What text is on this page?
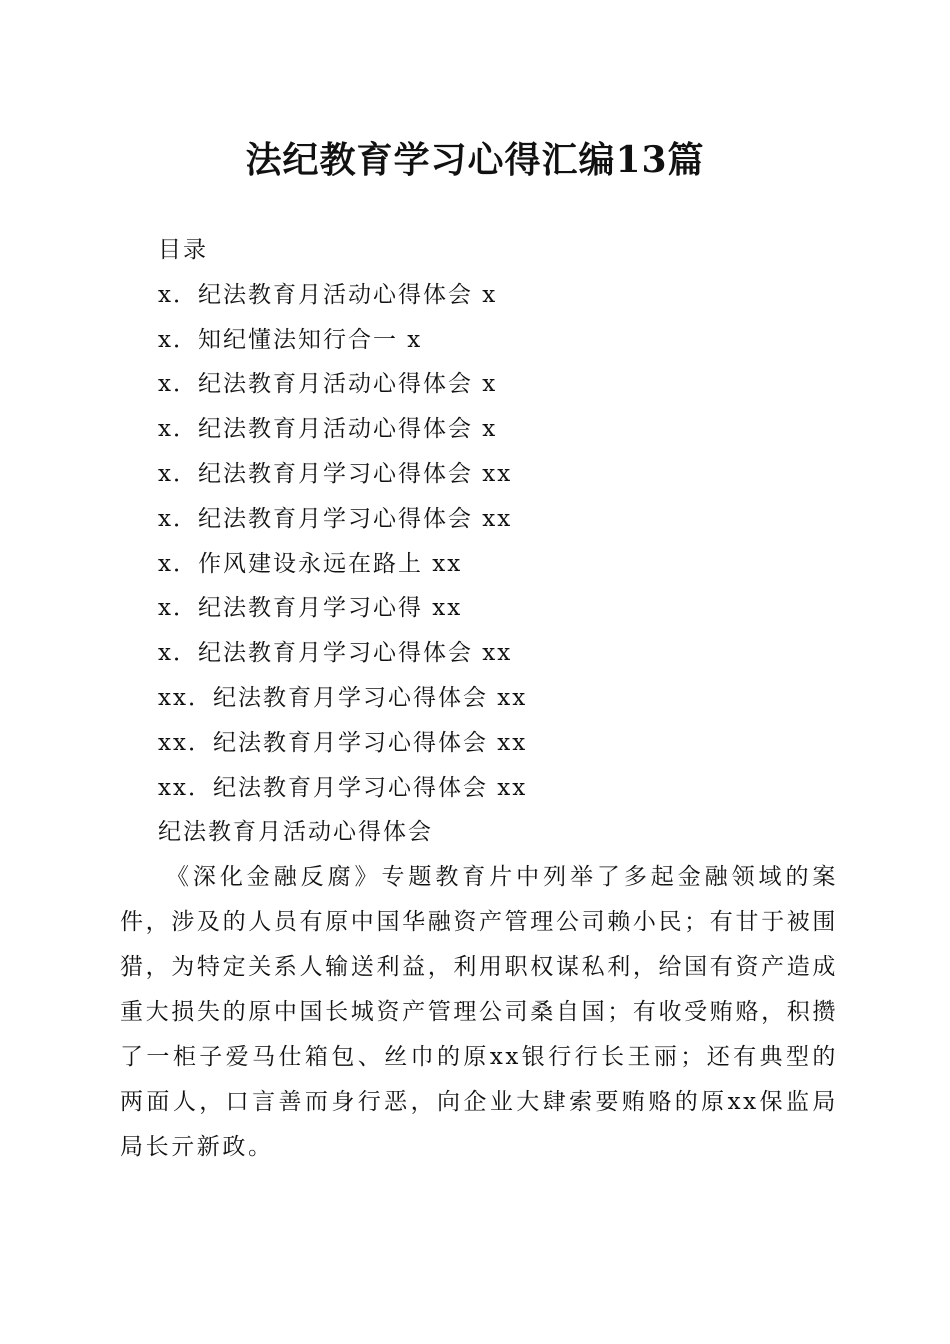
法纪教育学习心得汇编13篇
目录
x．纪法教育月活动心得体会 x
x．知纪懂法知行合一 x
x．纪法教育月活动心得体会 x
x．纪法教育月活动心得体会 x
x．纪法教育月学习心得体会 xx
x．纪法教育月学习心得体会 xx
x．作风建设永远在路上 xx
x．纪法教育月学习心得 xx
x．纪法教育月学习心得体会 xx
xx．纪法教育月学习心得体会 xx
xx．纪法教育月学习心得体会 xx
xx．纪法教育月学习心得体会 xx
纪法教育月活动心得体会

《深化金融反腐》专题教育片中列举了多起金融领域的案件，涉及的人员有原中国华融资产管理公司赖小民；有甘于被围猎，为特定关系人输送利益，利用职权谋私利，给国有资产造成重大损失的原中国长城资产管理公司桑自国；有收受贿赂，积攒了一柜子爱马仕箱包、丝巾的原xx银行行长王丽；还有典型的两面人，口言善而身行恶，向企业大肆索要贿赂的原xx保监局局长亓新政。
